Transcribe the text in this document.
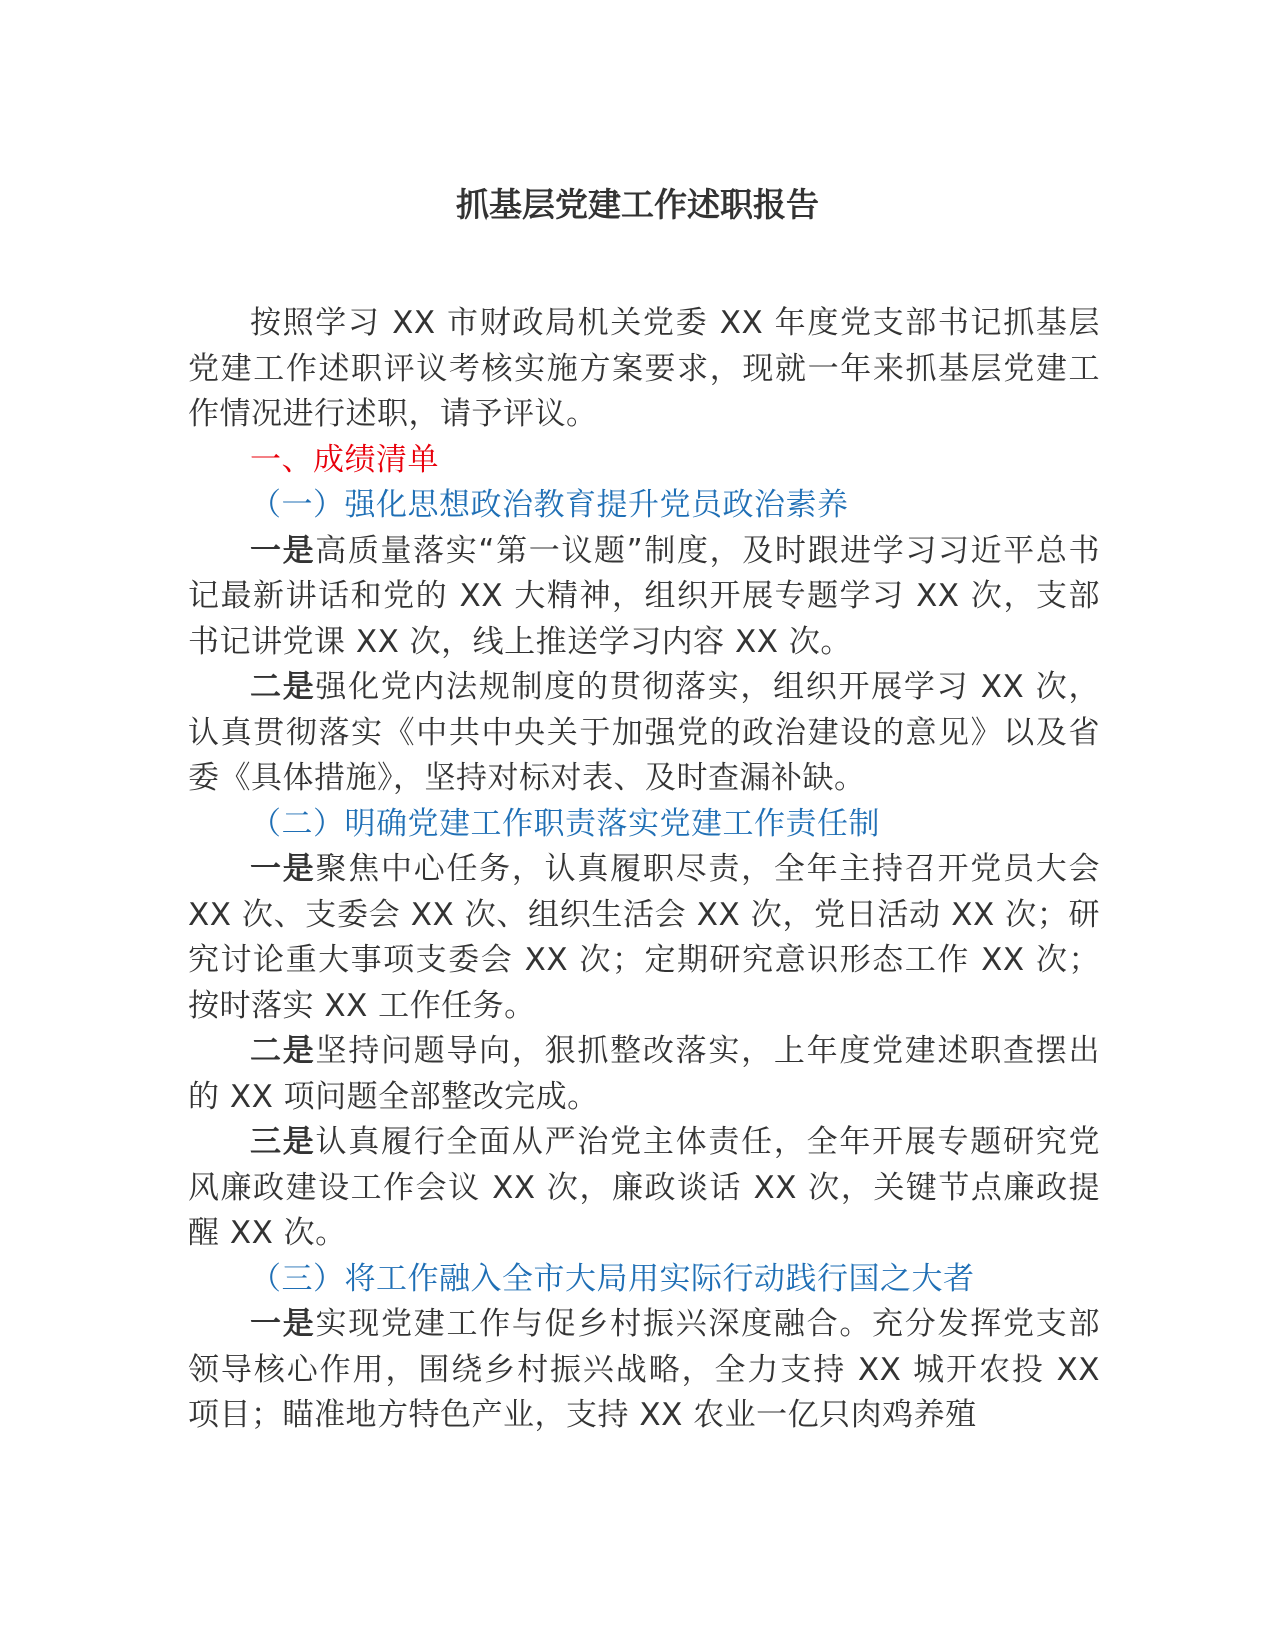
抓基层党建工作述职报告

按照学习 XX 市财政局机关党委 XX 年度党支部书记抓基层党建工作述职评议考核实施方案要求，现就一年来抓基层党建工作情况进行述职，请予评议。

一、成绩清单

（一）强化思想政治教育提升党员政治素养

一是高质量落实“第一议题”制度，及时跟进学习习近平总书记最新讲话和党的 XX 大精神，组织开展专题学习 XX 次，支部书记讲党课 XX 次，线上推送学习内容 XX 次。

二是强化党内法规制度的贯彻落实，组织开展学习 XX 次，认真贯彻落实《中共中央关于加强党的政治建设的意见》以及省委《具体措施》，坚持对标对表、及时查漏补缺。

（二）明确党建工作职责落实党建工作责任制

一是聚焦中心任务，认真履职尽责，全年主持召开党员大会 XX 次、支委会 XX 次、组织生活会 XX 次，党日活动 XX 次；研究讨论重大事项支委会 XX 次；定期研究意识形态工作 XX 次；按时落实 XX 工作任务。

二是坚持问题导向，狠抓整改落实，上年度党建述职查摆出的 XX 项问题全部整改完成。

三是认真履行全面从严治党主体责任，全年开展专题研究党风廉政建设工作会议 XX 次，廉政谈话 XX 次，关键节点廉政提醒 XX 次。

（三）将工作融入全市大局用实际行动践行国之大者

一是实现党建工作与促乡村振兴深度融合。充分发挥党支部领导核心作用，围绕乡村振兴战略，全力支持 XX 城开农投 XX 项目；瞄准地方特色产业，支持 XX 农业一亿只肉鸡养殖
